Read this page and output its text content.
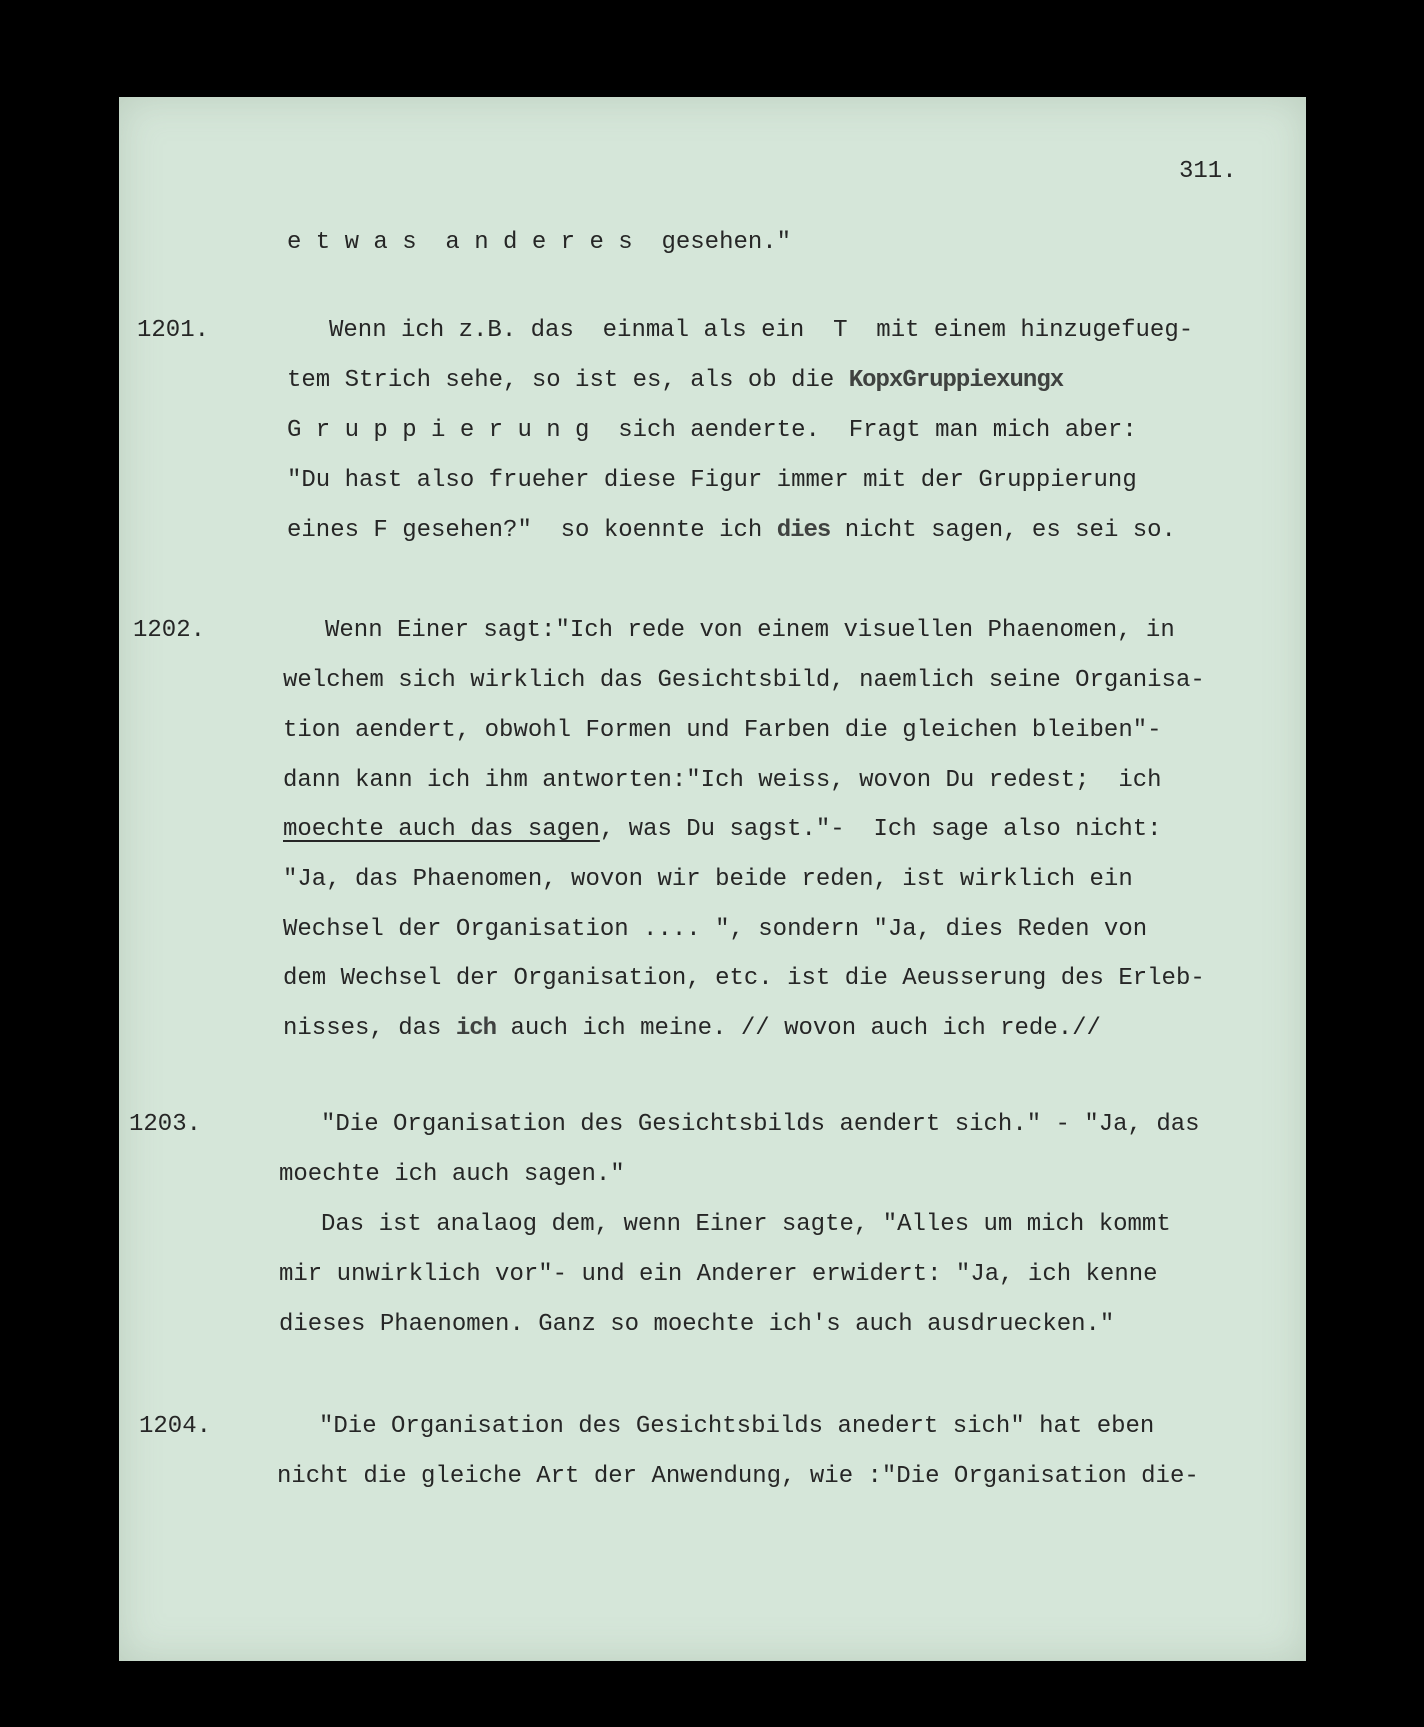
311.
e t w a s  a n d e r e s  gesehen."
1201.	Wenn ich z.B. das  einmal als ein  T  mit einem hinzugefueg-
tem Strich sehe, so ist es, als ob die KopxGruppiexungx
G r u p p i e r u n g  sich aenderte.  Fragt man mich aber:
"Du hast also frueher diese Figur immer mit der Gruppierung
eines F gesehen?"  so koennte ich dies nicht sagen, es sei so.
1202.	Wenn Einer sagt:"Ich rede von einem visuellen Phaenomen, in
welchem sich wirklich das Gesichtsbild, naemlich seine Organisa-
tion aendert, obwohl Formen und Farben die gleichen bleiben"-
dann kann ich ihm antworten:"Ich weiss, wovon Du redest;  ich
moechte auch das sagen, was Du sagst."-  Ich sage also nicht:
"Ja, das Phaenomen, wovon wir beide reden, ist wirklich ein
Wechsel der Organisation .... ", sondern "Ja, dies Reden von
dem Wechsel der Organisation, etc. ist die Aeusserung des Erleb-
nisses, das ich auch ich meine. // wovon auch ich rede.//
1203.	"Die Organisation des Gesichtsbilds aendert sich." - "Ja, das
moechte ich auch sagen."
Das ist analaog dem, wenn Einer sagte, "Alles um mich kommt
mir unwirklich vor"- und ein Anderer erwidert: "Ja, ich kenne
dieses Phaenomen. Ganz so moechte ich's auch ausdruecken."
1204.	"Die Organisation des Gesichtsbilds anedert sich" hat eben
nicht die gleiche Art der Anwendung, wie :"Die Organisation die-
